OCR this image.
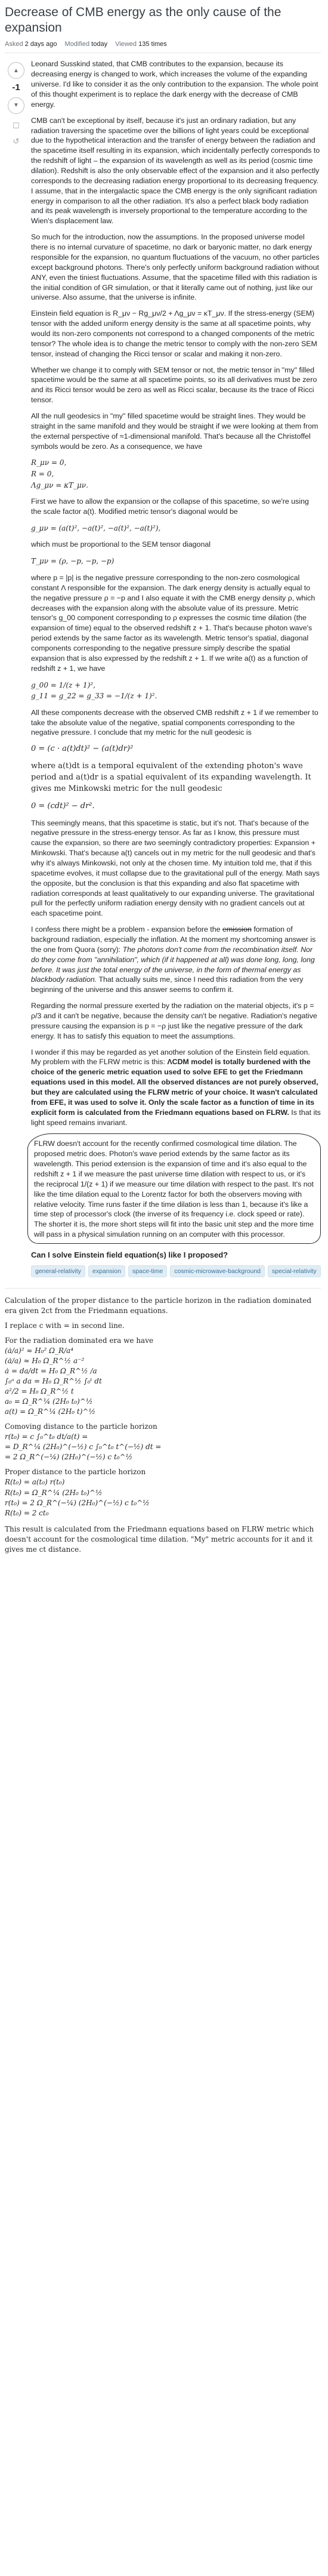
Decrease of CMB energy as the only cause of the expansion
Asked 2 days ago Modified today Viewed 135 times
▲
-1
▼
☐
↺

Leonard Susskind stated, that CMB contributes to the expansion, because its decreasing energy is changed to work, which increases the volume of the expanding universe. I'd like to consider it as the only contribution to the expansion. The whole point of this thought experiment is to replace the dark energy with the decrease of CMB energy.

CMB can't be exceptional by itself, because it's just an ordinary radiation, but any radiation traversing the spacetime over the billions of light years could be exceptional due to the hypothetical interaction and the transfer of energy between the radiation and the spacetime itself resulting in its expansion, which incidentally perfectly corresponds to the redshift of light – the expansion of its wavelength as well as its period (cosmic time dilation). Redshift is also the only observable effect of the expansion and it also perfectly corresponds to the decreasing radiation energy proportional to its decreasing frequency. I assume, that in the intergalactic space the CMB energy is the only significant radiation energy in comparison to all the other radiation. It's also a perfect black body radiation and its peak wavelength is inversely proportional to the temperature according to the Wien's displacement law.

So much for the introduction, now the assumptions. In the proposed universe model there is no internal curvature of spacetime, no dark or baryonic matter, no dark energy responsible for the expansion, no quantum fluctuations of the vacuum, no other particles except background photons. There's only perfectly uniform background radiation without ANY, even the tiniest fluctuations. Assume, that the spacetime filled with this radiation is the initial condition of GR simulation, or that it literally came out of nothing, just like our universe. Also assume, that the universe is infinite.

Einstein field equation is R_μν − Rg_μν/2 + Λg_μν = κT_μν. If the stress-energy (SEM) tensor with the added uniform energy density is the same at all spacetime points, why would its non-zero components not correspond to a changed components of the metric tensor? The whole idea is to change the metric tensor to comply with the non-zero SEM tensor, instead of changing the Ricci tensor or scalar and making it non-zero.

Whether we change it to comply with SEM tensor or not, the metric tensor in "my" filled spacetime would be the same at all spacetime points, so its all derivatives must be zero and its Ricci tensor would be zero as well as Ricci scalar, because its the trace of Ricci tensor.

All the null geodesics in "my" filled spacetime would be straight lines. They would be straight in the same manifold and they would be straight if we were looking at them from the external perspective of ≈1-dimensional manifold. That's because all the Christoffel symbols would be zero. As a consequence, we have

R_μν = 0,
R = 0,
Λg_μν = κT_μν.

First we have to allow the expansion or the collapse of this spacetime, so we're using the scale factor a(t). Modified metric tensor's diagonal would be

g_μν = (a(t)², −a(t)², −a(t)², −a(t)²),

which must be proportional to the SEM tensor diagonal

T_μν = (ρ, −p, −p, −p)

where p = |p| is the negative pressure corresponding to the non-zero cosmological constant Λ responsible for the expansion. The dark energy density is actually equal to the negative pressure ρ = −p and I also equate it with the CMB energy density ρ, which decreases with the expansion along with the absolute value of its pressure. Metric tensor's g_00 component corresponding to ρ expresses the cosmic time dilation (the expansion of time) equal to the observed redshift z + 1. That's because photon wave's period extends by the same factor as its wavelength. Metric tensor's spatial, diagonal components corresponding to the negative pressure simply describe the spatial expansion that is also expressed by the redshift z + 1. If we write a(t) as a function of redshift z + 1, we have

g_00 = 1/(z + 1)²,
g_11 = g_22 = g_33 = −1/(z + 1)².

All these components decrease with the observed CMB redshift z + 1 if we remember to take the absolute value of the negative, spatial components corresponding to the negative pressure. I conclude that my metric for the null geodesic is

0 = (c · a(t)dt)² − (a(t)dr)²

where a(t)dt is a temporal equivalent of the extending photon's wave period and a(t)dr is a spatial equivalent of its expanding wavelength. It gives me Minkowski metric for the null geodesic

0 = (cdt)² − dr².

This seemingly means, that this spacetime is static, but it's not. That's because of the negative pressure in the stress-energy tensor. As far as I know, this pressure must cause the expansion, so there are two seemingly contradictory properties: Expansion + Minkowski. That's because a(t) cancels out in my metric for the null geodesic and that's why it's always Minkowski, not only at the chosen time. My intuition told me, that if this spacetime evolves, it must collapse due to the gravitational pull of the energy. Math says the opposite, but the conclusion is that this expanding and also flat spacetime with radiation corresponds at least qualitatively to our expanding universe. The gravitational pull for the perfectly uniform radiation energy density with no gradient cancels out at each spacetime point.

I confess there might be a problem - expansion before the emission formation of background radiation, especially the inflation. At the moment my shortcoming answer is the one from Quora (sorry): The photons don't come from the recombination itself. Nor do they come from "annihilation", which (if it happened at all) was done long, long, long before. It was just the total energy of the universe, in the form of thermal energy as blackbody radiation. That actually suits me, since I need this radiation from the very beginning of the universe and this answer seems to confirm it.

Regarding the normal pressure exerted by the radiation on the material objects, it's p = ρ/3 and it can't be negative, because the density can't be negative. Radiation's negative pressure causing the expansion is p = −ρ just like the negative pressure of the dark energy. It has to satisfy this equation to meet the assumptions.

I wonder if this may be regarded as yet another solution of the Einstein field equation. My problem with the FLRW metric is this: ΛCDM model is totally burdened with the choice of the generic metric equation used to solve EFE to get the Friedmann equations used in this model. All the observed distances are not purely observed, but they are calculated using the FLRW metric of your choice. It wasn't calculated from EFE, it was used to solve it. Only the scale factor as a function of time in its explicit form is calculated from the Friedmann equations based on FLRW. Is that its light speed remains invariant.

FLRW doesn't account for the recently confirmed cosmological time dilation. The proposed metric does. Photon's wave period extends by the same factor as its wavelength. This period extension is the expansion of time and it's also equal to the redshift z + 1 if we measure the past universe time dilation with respect to us, or it's the reciprocal 1/(z + 1) if we measure our time dilation with respect to the past. It's not like the time dilation equal to the Lorentz factor for both the observers moving with relative velocity. Time runs faster if the time dilation is less than 1, because it's like a time step of processor's clock (the inverse of its frequency i.e. clock speed or rate). The shorter it is, the more short steps will fit into the basic unit step and the more time will pass in a physical simulation running on an computer with this processor.
Can I solve Einstein field equation(s) like I proposed?
general-relativity	expansion	space-time	cosmic-microwave-background	special-relativity

Calculation of the proper distance to the particle horizon in the radiation dominated era given 2ct from the Friedmann equations.

I replace c with = in second line.

For the radiation dominated era we have
(ȧ/a)² ≈ H₀² Ω_R/a⁴
(ȧ/a) ≈ H₀ Ω_R^½ a⁻²
ȧ = da/dt = H₀ Ω_R^½ /a
∫₀ᵃ a da = H₀ Ω_R^½ ∫₀ᵗ dt
a²/2 = H₀ Ω_R^½ t
a₀ = Ω_R^¼ (2H₀ t₀)^½
a(t) = Ω_R^¼ (2H₀ t)^½
Comoving distance to the particle horizon
r(t₀) = c ∫₀^t₀ dt/a(t) =
= D_R^¼ (2H₀)^(−½) c ∫₀^t₀ t^(−½) dt =
= 2 Ω_R^(−¼) (2H₀)^(−½) c t₀^½
Proper distance to the particle horizon
R(t₀) = a(t₀) r(t₀)
R(t₀) = Ω_R^¼ (2H₀ t₀)^½
r(t₀) = 2 Ω_R^(−¼) (2H₀)^(−½) c t₀^½
R(t₀) = 2 ct₀

This result is calculated from the Friedmann equations based on FLRW metric which doesn't account for the cosmological time dilation. "My" metric accounts for it and it gives me ct distance.
